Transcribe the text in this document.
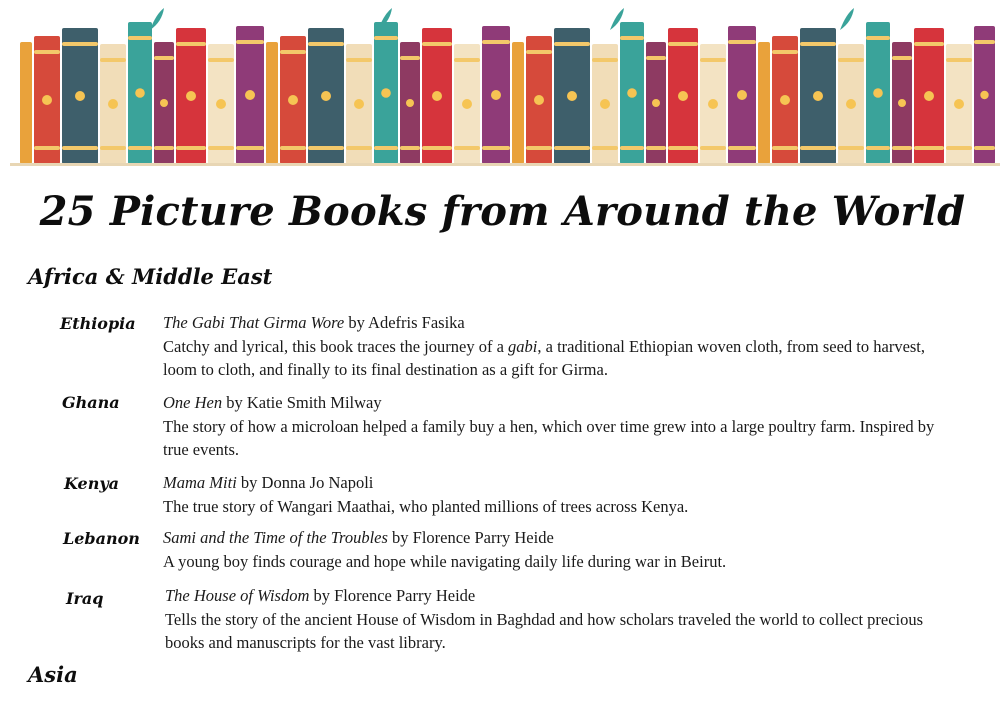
25 Picture Books from Around the World
Africa & Middle East
Ethiopia The Gabi That Girma Wore by Adefris Fasika

Catchy and lyrical, this book traces the journey of a gabi, a traditional Ethiopian woven cloth, from seed to harvest, loom to cloth, and finally to its final destination as a gift for Girma.

Ghana	One Hen by Katie Smith Milway

The story of how a microloan helped a family buy a hen, which over time grew into a large poultry farm. Inspired by true events.

Kenya	Mama Miti by Donna Jo Napoli

The true story of Wangari Maathai, who planted millions of trees across Kenya.

Lebanon Sami and the Time of the Troubles by Florence Parry Heide

A young boy finds courage and hope while navigating daily life during war in Beirut.

Iraq	The House of Wisdom by Florence Parry Heide

Tells the story of the ancient House of Wisdom in Baghdad and how scholars traveled the world to collect precious books and manuscripts for the vast library.

Asia
